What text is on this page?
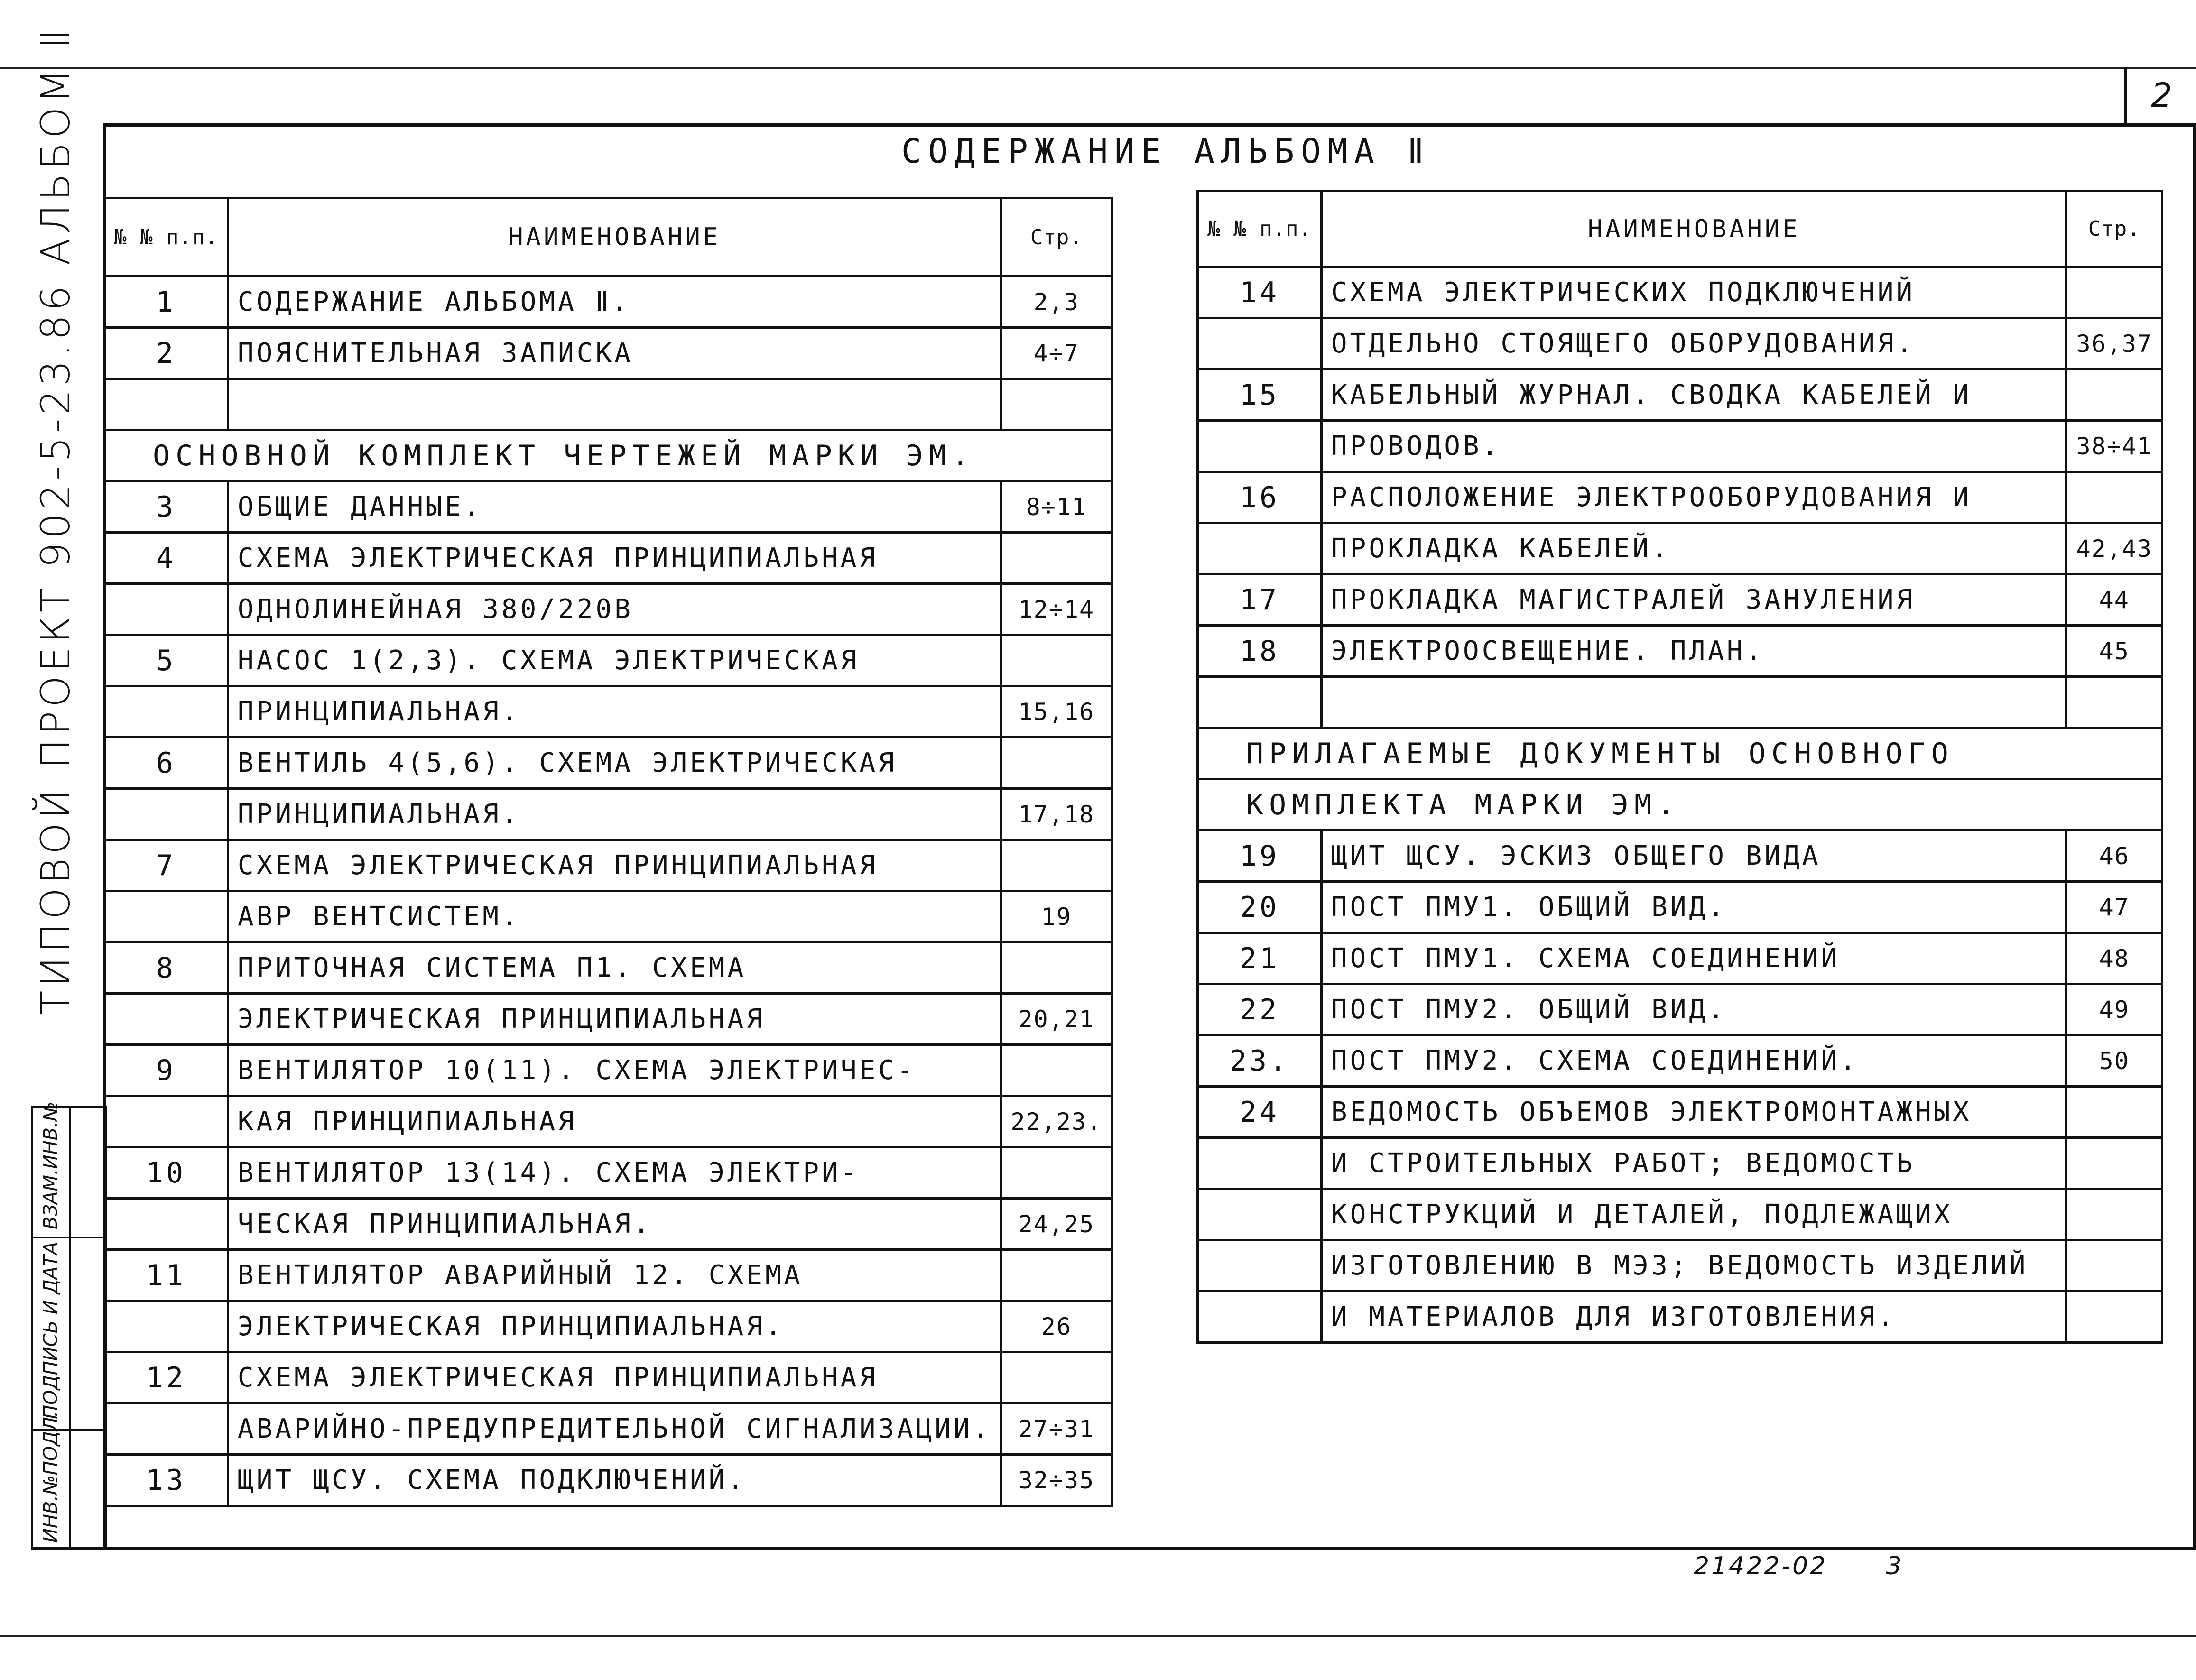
2
СОДЕРЖАНИЕ АЛЬБОМА Ⅱ
ТИПОВОЙ ПРОЕКТ 902-5-23.86 АЛЬБОМ Ⅱ
ИНВ.№ПОДЛ.
ПОДПИСЬ И ДАТА
ВЗАМ.ИНВ.№
№ № п.п.	НАИМЕНОВАНИЕ	Стр.
1	СОДЕРЖАНИЕ АЛЬБОМА Ⅱ.	2,3
2	ПОЯСНИТЕЛЬНАЯ ЗАПИСКА	4÷7

ОСНОВНОЙ КОМПЛЕКТ ЧЕРТЕЖЕЙ МАРКИ ЭМ.		
3	ОБЩИЕ ДАННЫЕ.	8÷11
4	СХЕМА ЭЛЕКТРИЧЕСКАЯ ПРИНЦИПИАЛЬНАЯ	
	ОДНОЛИНЕЙНАЯ 380/220В	12÷14
5	НАСОС 1(2,3). СХЕМА ЭЛЕКТРИЧЕСКАЯ	
	ПРИНЦИПИАЛЬНАЯ.	15,16
6	ВЕНТИЛЬ 4(5,6). СХЕМА ЭЛЕКТРИЧЕСКАЯ	
	ПРИНЦИПИАЛЬНАЯ.	17,18
7	СХЕМА ЭЛЕКТРИЧЕСКАЯ ПРИНЦИПИАЛЬНАЯ	
	АВР ВЕНТСИСТЕМ.	19
8	ПРИТОЧНАЯ СИСТЕМА П1. СХЕМА	
	ЭЛЕКТРИЧЕСКАЯ ПРИНЦИПИАЛЬНАЯ	20,21
9	ВЕНТИЛЯТОР 10(11). СХЕМА ЭЛЕКТРИЧЕС-	
	КАЯ ПРИНЦИПИАЛЬНАЯ	22,23.
10	ВЕНТИЛЯТОР 13(14). СХЕМА ЭЛЕКТРИ-	
	ЧЕСКАЯ ПРИНЦИПИАЛЬНАЯ.	24,25
11	ВЕНТИЛЯТОР АВАРИЙНЫЙ 12. СХЕМА	
	ЭЛЕКТРИЧЕСКАЯ ПРИНЦИПИАЛЬНАЯ.	26
12	СХЕМА ЭЛЕКТРИЧЕСКАЯ ПРИНЦИПИАЛЬНАЯ	
	АВАРИЙНО-ПРЕДУПРЕДИТЕЛЬНОЙ СИГНАЛИЗАЦИИ.	27÷31
13	ЩИТ ЩСУ. СХЕМА ПОДКЛЮЧЕНИЙ.	32÷35
№ № п.п.	НАИМЕНОВАНИЕ	Стр.
14	СХЕМА ЭЛЕКТРИЧЕСКИХ ПОДКЛЮЧЕНИЙ	
	ОТДЕЛЬНО СТОЯЩЕГО ОБОРУДОВАНИЯ.	36,37
15	КАБЕЛЬНЫЙ ЖУРНАЛ. СВОДКА КАБЕЛЕЙ И	
	ПРОВОДОВ.	38÷41
16	РАСПОЛОЖЕНИЕ ЭЛЕКТРООБОРУДОВАНИЯ И	
	ПРОКЛАДКА КАБЕЛЕЙ.	42,43
17	ПРОКЛАДКА МАГИСТРАЛЕЙ ЗАНУЛЕНИЯ	44
18	ЭЛЕКТРООСВЕЩЕНИЕ. ПЛАН.	45

ПРИЛАГАЕМЫЕ ДОКУМЕНТЫ ОСНОВНОГО		
КОМПЛЕКТА МАРКИ ЭМ.		
19	ЩИТ ЩСУ. ЭСКИЗ ОБЩЕГО ВИДА	46
20	ПОСТ ПМУ1. ОБЩИЙ ВИД.	47
21	ПОСТ ПМУ1. СХЕМА СОЕДИНЕНИЙ	48
22	ПОСТ ПМУ2. ОБЩИЙ ВИД.	49
23.	ПОСТ ПМУ2. СХЕМА СОЕДИНЕНИЙ.	50
24	ВЕДОМОСТЬ ОБЪЕМОВ ЭЛЕКТРОМОНТАЖНЫХ	
	И СТРОИТЕЛЬНЫХ РАБОТ; ВЕДОМОСТЬ	
	КОНСТРУКЦИЙ И ДЕТАЛЕЙ, ПОДЛЕЖАЩИХ	
	ИЗГОТОВЛЕНИЮ В МЭЗ; ВЕДОМОСТЬ ИЗДЕЛИЙ	
	И МАТЕРИАЛОВ ДЛЯ ИЗГОТОВЛЕНИЯ.	
21422-02 3
